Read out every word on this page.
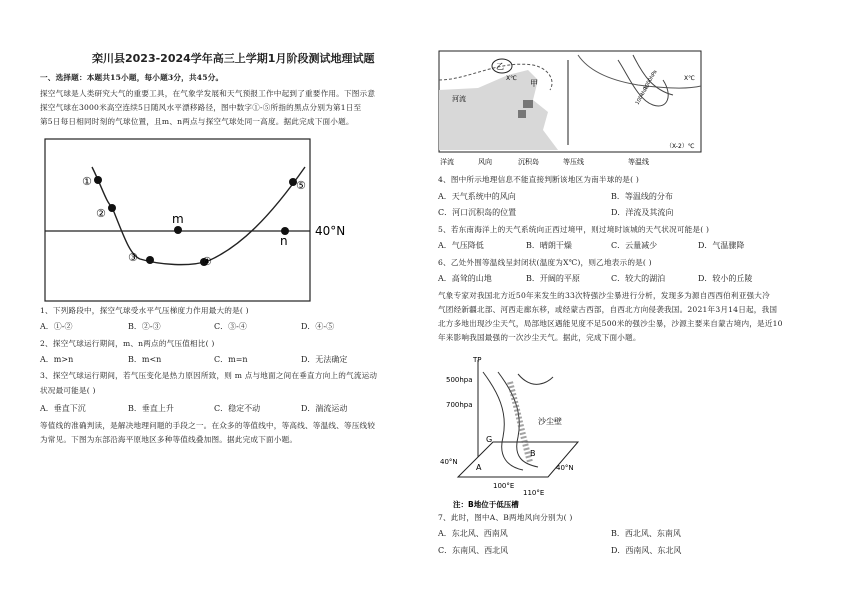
栾川县2023-2024学年高三上学期1月阶段测试地理试题
一、选择题：本题共15小题，每小题3分，共45分。
探空气球是人类研究大气的重要工具，在气象学发展和天气预报工作中起到了重要作用。下图示意
探空气球在3000米高空连续5日随风水平漂移路径，图中数字①-⑤所指的黑点分别为第1日至
第5日每日相同时刻的气球位置，且m、n两点与探空气球处同一高度。据此完成下面小题。
①
②
③	④
⑤
m
n
40°N
1、下列路段中，探空气球受水平气压梯度力作用最大的是( )
A．①-②	B．②-③	C．③-④	D．④-⑤
2、探空气球运行期间，m、n两点的气压值相比( )
A．m>n	B．m<n	C．m=n	D．无法确定
3、探空气球运行期间，若气压变化是热力原因所致，则 m 点与地面之间在垂直方向上的气流运动
状况最可能是( )
A．垂直下沉	B．垂直上升	C．稳定不动	D．湍流运动
等值线的准确判读，是解决地理问题的手段之一。在众多的等值线中，等高线、等温线、等压线较
为常见。下图为东部沿海平原地区多种等值线叠加图。据此完成下面小题。
乙
甲
X℃	X℃
（X-2）℃
1000hPa
1004hPa
河流
洋流	风向	沉积岛	等压线	等温线
4、图中所示地理信息不能直接判断该地区为南半球的是( )
A．天气系统中的风向	B．等温线的分布
C．河口沉积岛的位置	D．洋流及其流向
5、若东南海洋上的天气系统向正西过境甲，则过境时该城的天气状况可能是( )
A．气压降低	B．晴朗干燥	C．云量减少	D．气温骤降
6、乙处外围等温线呈封闭状(温度为X℃)，则乙地表示的是( )
A．高耸的山地	B．开阔的平原	C．较大的湖泊	D．较小的丘陵
气象专家对我国北方近50年来发生的33次特强沙尘暴进行分析，发现多为源自西西伯利亚强大冷
气团经新疆北部、河西走廊东移，或经蒙古西部，自西北方向侵袭我国。2021年3月14日起，我国
北方多地出现沙尘天气，局部地区遇能见度不足500米的强沙尘暴，沙源主要来自蒙古境内，是近10
年来影响我国最强的一次沙尘天气。据此，完成下面小题。
TP
500hpa
700hpa
沙尘壁
G
B
A
40°N
40°N
100°E
110°E
注：B地位于低压槽
7、此时，图中A、B两地风向分别为( )
A．东北风、西南风	B．西北风、东南风
C．东南风、西北风	D．西南风、东北风
